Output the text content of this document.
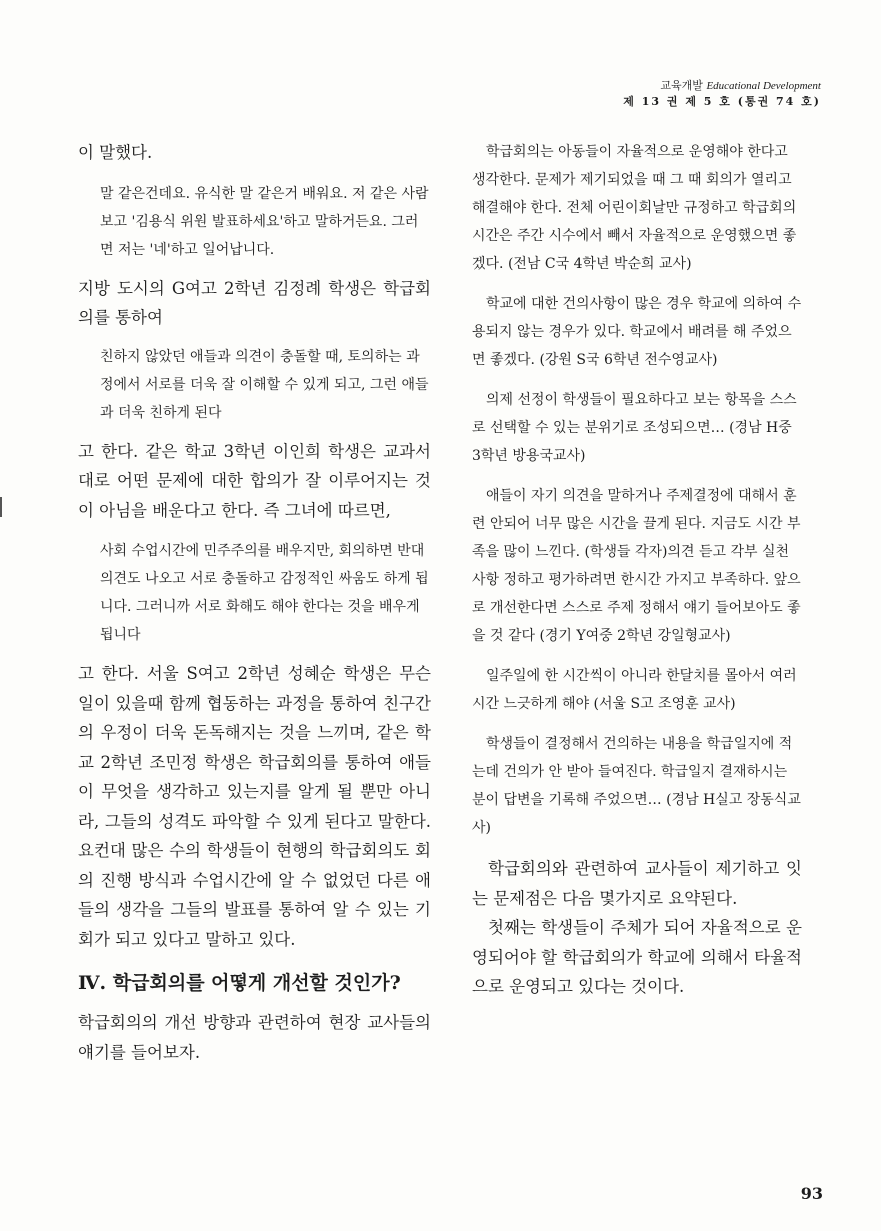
교육개발 Educational Development
제 13 권 제 5 호 (통권 74 호)

이 말했다.

말 같은건데요. 유식한 말 같은거 배워요. 저 같은 사람보고 '김용식 위원 발표하세요'하고 말하거든요. 그러면 저는 '네'하고 일어납니다.

지방 도시의 G여고 2학년 김정례 학생은 학급회의를 통하여

친하지 않았던 애들과 의견이 충돌할 때, 토의하는 과정에서 서로를 더욱 잘 이해할 수 있게 되고, 그런 애들과 더욱 친하게 된다

고 한다. 같은 학교 3학년 이인희 학생은 교과서대로 어떤 문제에 대한 합의가 잘 이루어지는 것이 아님을 배운다고 한다. 즉 그녀에 따르면,

사회 수업시간에 민주주의를 배우지만, 회의하면 반대 의견도 나오고 서로 충돌하고 감정적인 싸움도 하게 됩니다. 그러니까 서로 화해도 해야 한다는 것을 배우게 됩니다

고 한다. 서울 S여고 2학년 성혜순 학생은 무슨 일이 있을때 함께 협동하는 과정을 통하여 친구간의 우정이 더욱 돈독해지는 것을 느끼며, 같은 학교 2학년 조민정 학생은 학급회의를 통하여 애들이 무엇을 생각하고 있는지를 알게 될 뿐만 아니라, 그들의 성격도 파악할 수 있게 된다고 말한다. 요컨대 많은 수의 학생들이 현행의 학급회의도 회의 진행 방식과 수업시간에 알 수 없었던 다른 애들의 생각을 그들의 발표를 통하여 알 수 있는 기회가 되고 있다고 말하고 있다.

Ⅳ. 학급회의를 어떻게 개선할 것인가?

학급회의의 개선 방향과 관련하여 현장 교사들의 얘기를 들어보자.

학급회의는 아동들이 자율적으로 운영해야 한다고 생각한다. 문제가 제기되었을 때 그 때 회의가 열리고 해결해야 한다. 전체 어린이회날만 규정하고 학급회의 시간은 주간 시수에서 빼서 자율적으로 운영했으면 좋겠다. (전남 C국 4학년 박순희 교사)

학교에 대한 건의사항이 많은 경우 학교에 의하여 수용되지 않는 경우가 있다. 학교에서 배려를 해 주었으면 좋겠다. (강원 S국 6학년 전수영교사)

의제 선정이 학생들이 필요하다고 보는 항목을 스스로 선택할 수 있는 분위기로 조성되으면… (경남 H중 3학년 방용국교사)

애들이 자기 의견을 말하거나 주제결정에 대해서 훈련 안되어 너무 많은 시간을 끌게 된다. 지금도 시간 부족을 많이 느낀다. (학생들 각자)의견 듣고 각부 실천 사항 정하고 평가하려면 한시간 가지고 부족하다. 앞으로 개선한다면 스스로 주제 정해서 얘기 들어보아도 좋을 것 같다 (경기 Y여중 2학년 강일형교사)

일주일에 한 시간씩이 아니라 한달치를 몰아서 여러시간 느긋하게 해야 (서울 S고 조영훈 교사)

학생들이 결정해서 건의하는 내용을 학급일지에 적는데 건의가 안 받아 들여진다. 학급일지 결재하시는 분이 답변을 기록해 주었으면… (경남 H실고 장동식교사)

학급회의와 관련하여 교사들이 제기하고 잇는 문제점은 다음 몇가지로 요약된다.

첫째는 학생들이 주체가 되어 자율적으로 운영되어야 할 학급회의가 학교에 의해서 타율적으로 운영되고 있다는 것이다.

93
